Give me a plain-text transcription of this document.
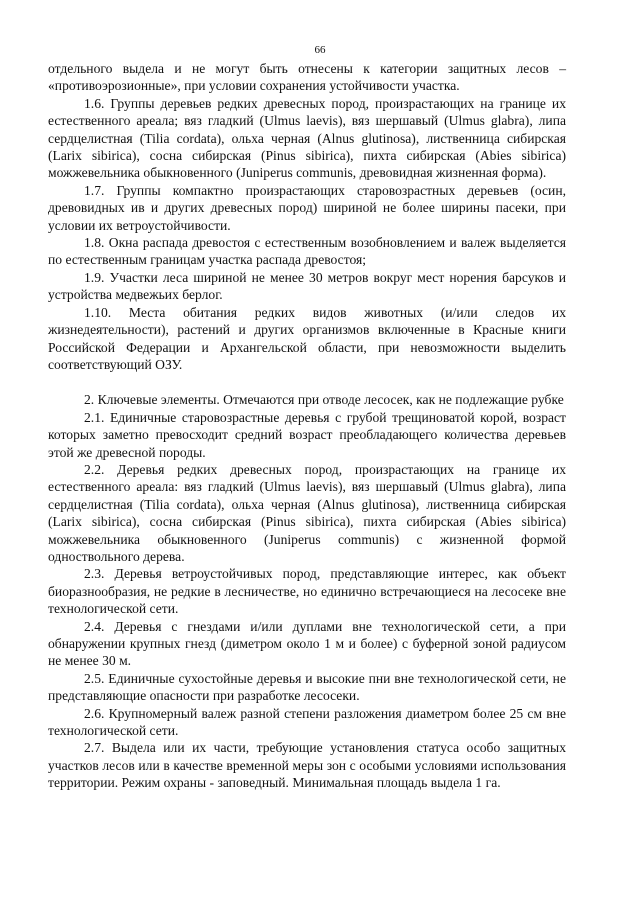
66

отдельного выдела и не могут быть отнесены к категории защитных лесов – «противоэрозионные», при условии сохранения устойчивости участка.

1.6. Группы деревьев редких древесных пород, произрастающих на границе их естественного ареала; вяз гладкий (Ulmus laevis), вяз шершавый (Ulmus glabra), липа сердцелистная (Tilia cordata), ольха черная (Alnus glutinosa), лиственница сибирская (Larix sibirica), сосна сибирская (Pinus sibirica), пихта сибирская (Abies sibirica) можжевельника обыкновенного (Juniperus communis, древовидная жизненная форма).

1.7. Группы компактно произрастающих старовозрастных деревьев (осин, древовидных ив и других древесных пород) шириной не более ширины пасеки, при условии их ветроустойчивости.

1.8. Окна распада древостоя с естественным возобновлением и валеж выделяется по естественным границам участка распада древостоя;

1.9. Участки леса шириной не менее 30 метров вокруг мест норения барсуков и устройства медвежьих берлог.

1.10. Места обитания редких видов животных (и/или следов их жизнедеятельности), растений и других организмов включенные в Красные книги Российской Федерации и Архангельской области, при невозможности выделить соответствующий ОЗУ.

2. Ключевые элементы. Отмечаются при отводе лесосек, как не подлежащие рубке

2.1. Единичные старовозрастные деревья с грубой трещиноватой корой, возраст которых заметно превосходит средний возраст преобладающего количества деревьев этой же древесной породы.

2.2. Деревья редких древесных пород, произрастающих на границе их естественного ареала: вяз гладкий (Ulmus laevis), вяз шершавый (Ulmus glabra), липа сердцелистная (Tilia cordata), ольха черная (Alnus glutinosa), лиственница сибирская (Larix sibirica), сосна сибирская (Pinus sibirica), пихта сибирская (Abies sibirica) можжевельника обыкновенного (Juniperus communis) с жизненной формой одноствольного дерева.

2.3. Деревья ветроустойчивых пород, представляющие интерес, как объект биоразнообразия, не редкие в лесничестве, но единично встречающиеся на лесосеке вне технологической сети.

2.4. Деревья с гнездами и/или дуплами вне технологической сети, а при обнаружении крупных гнезд (диметром около 1 м и более) с буферной зоной радиусом не менее 30 м.

2.5. Единичные сухостойные деревья и высокие пни вне технологической сети, не представляющие опасности при разработке лесосеки.

2.6. Крупномерный валеж разной степени разложения диаметром более 25 см вне технологической сети.

2.7. Выдела или их части, требующие установления статуса особо защитных участков лесов или в качестве временной меры зон с особыми условиями использования территории. Режим охраны - заповедный. Минимальная площадь выдела 1 га.
